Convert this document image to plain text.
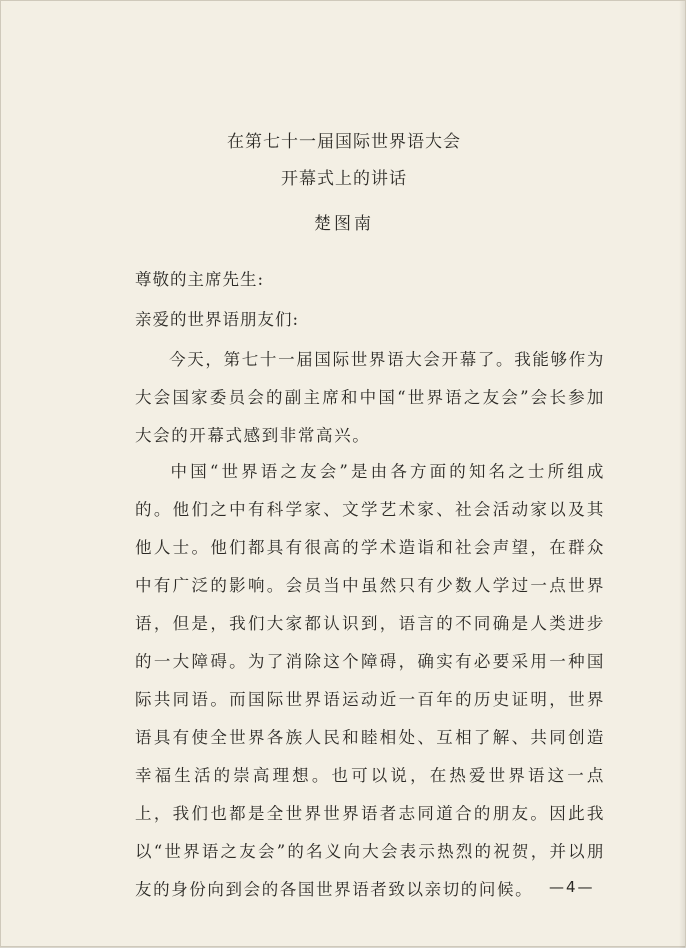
在第七十一届国际世界语大会
开幕式上的讲话
楚图南
尊敬的主席先生:
亲爱的世界语朋友们:
今天，第七十一届国际世界语大会开幕了。我能够作为大会国家委员会的副主席和中国“世界语之友会”会长参加大会的开幕式感到非常高兴。
中国“世界语之友会”是由各方面的知名之士所组成的。他们之中有科学家、文学艺术家、社会活动家以及其他人士。他们都具有很高的学术造诣和社会声望，在群众中有广泛的影响。会员当中虽然只有少数人学过一点世界语，但是，我们大家都认识到，语言的不同确是人类进步的一大障碍。为了消除这个障碍，确实有必要采用一种国际共同语。而国际世界语运动近一百年的历史证明，世界语具有使全世界各族人民和睦相处、互相了解、共同创造幸福生活的崇高理想。也可以说，在热爱世界语这一点上，我们也都是全世界世界语者志同道合的朋友。因此我以“世界语之友会”的名义向大会表示热烈的祝贺，并以朋友的身份向到会的各国世界语者致以亲切的问候。	—4—
